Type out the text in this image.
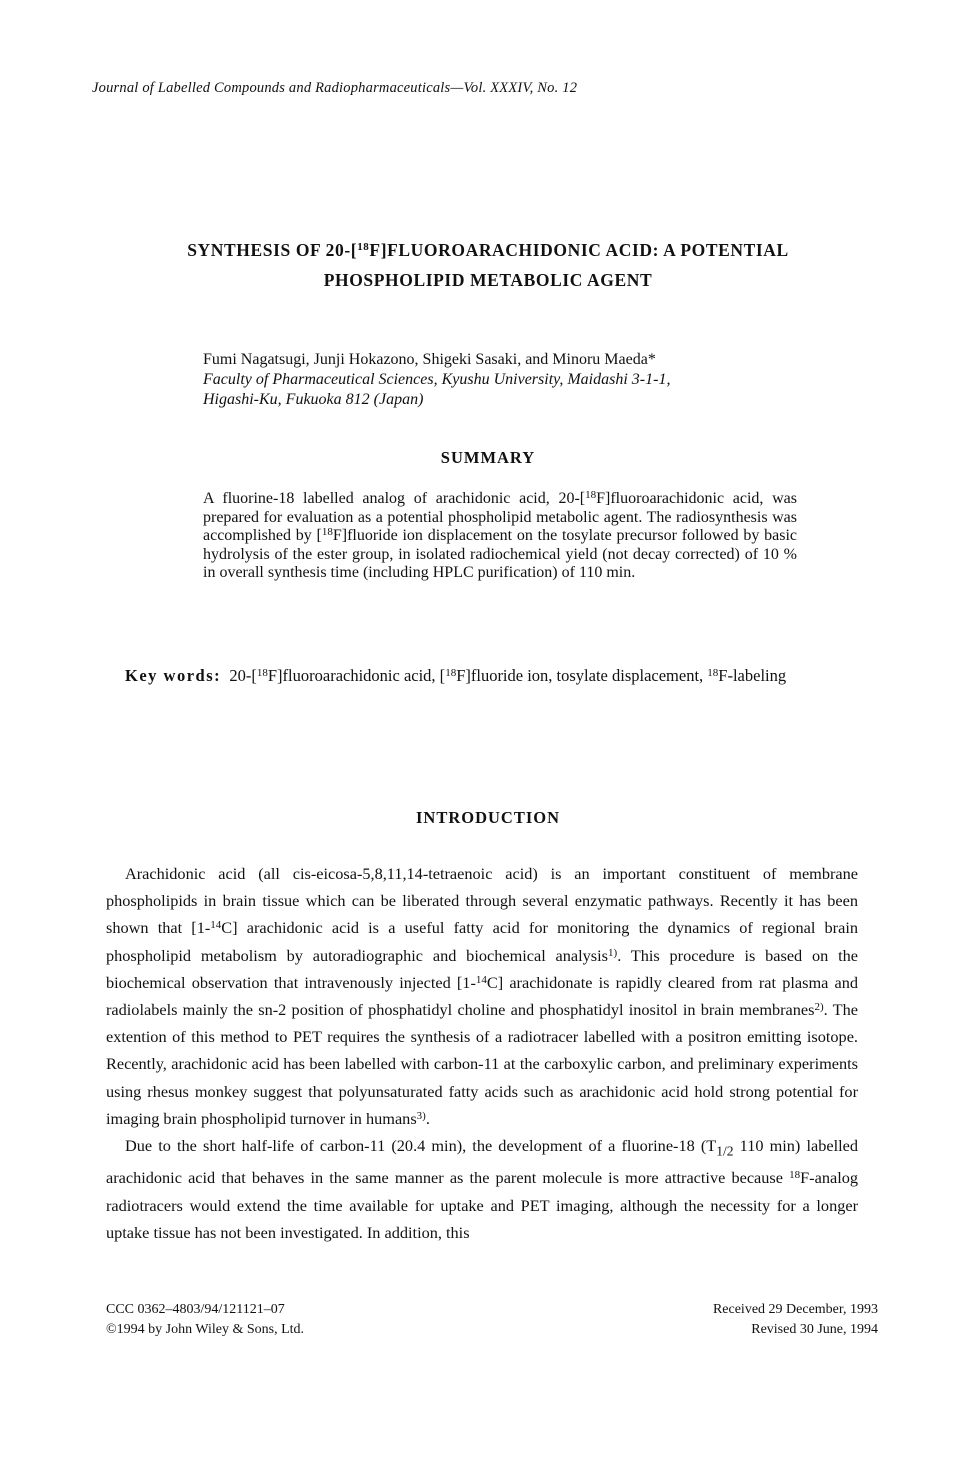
Journal of Labelled Compounds and Radiopharmaceuticals—Vol. XXXIV, No. 12
SYNTHESIS OF 20-[$^{18}$F]FLUOROARACHIDONIC ACID: A POTENTIAL
PHOSPHOLIPID METABOLIC AGENT
Fumi Nagatsugi, Junji Hokazono, Shigeki Sasaki, and Minoru Maeda*
Faculty of Pharmaceutical Sciences, Kyushu University, Maidashi 3-1-1,
Higashi-Ku, Fukuoka 812 (Japan)
SUMMARY
A fluorine-18 labelled analog of arachidonic acid, 20-[$^{18}$F]fluoroarachidonic acid, was prepared for evaluation as a potential phospholipid metabolic agent. The radiosynthesis was accomplished by [$^{18}$F]fluoride ion displacement on the tosylate precursor followed by basic hydrolysis of the ester group, in isolated radiochemical yield (not decay corrected) of 10 % in overall synthesis time (including HPLC purification) of 110 min.
Key words: 20-[$^{18}$F]fluoroarachidonic acid, [$^{18}$F]fluoride ion, tosylate displacement, $^{18}$F-labeling
INTRODUCTION

Arachidonic acid (all cis-eicosa-5,8,11,14-tetraenoic acid) is an important constituent of membrane phospholipids in brain tissue which can be liberated through several enzymatic pathways. Recently it has been shown that [1-$^{14}$C] arachidonic acid is a useful fatty acid for monitoring the dynamics of regional brain phospholipid metabolism by autoradiographic and biochemical analysis$^{1)}$. This procedure is based on the biochemical observation that intravenously injected [1-$^{14}$C] arachidonate is rapidly cleared from rat plasma and radiolabels mainly the sn-2 position of phosphatidyl choline and phosphatidyl inositol in brain membranes$^{2)}$. The extention of this method to PET requires the synthesis of a radiotracer labelled with a positron emitting isotope. Recently, arachidonic acid has been labelled with carbon-11 at the carboxylic carbon, and preliminary experiments using rhesus monkey suggest that polyunsaturated fatty acids such as arachidonic acid hold strong potential for imaging brain phospholipid turnover in humans$^{3)}$.

Due to the short half-life of carbon-11 (20.4 min), the development of a fluorine-18 ($T_{1/2}$ 110 min) labelled arachidonic acid that behaves in the same manner as the parent molecule is more attractive because $^{18}$F-analog radiotracers would extend the time available for uptake and PET imaging, although the necessity for a longer uptake tissue has not been investigated. In addition, this

CCC 0362–4803/94/121121–07
©1994 by John Wiley & Sons, Ltd.
Received 29 December, 1993
Revised 30 June, 1994
